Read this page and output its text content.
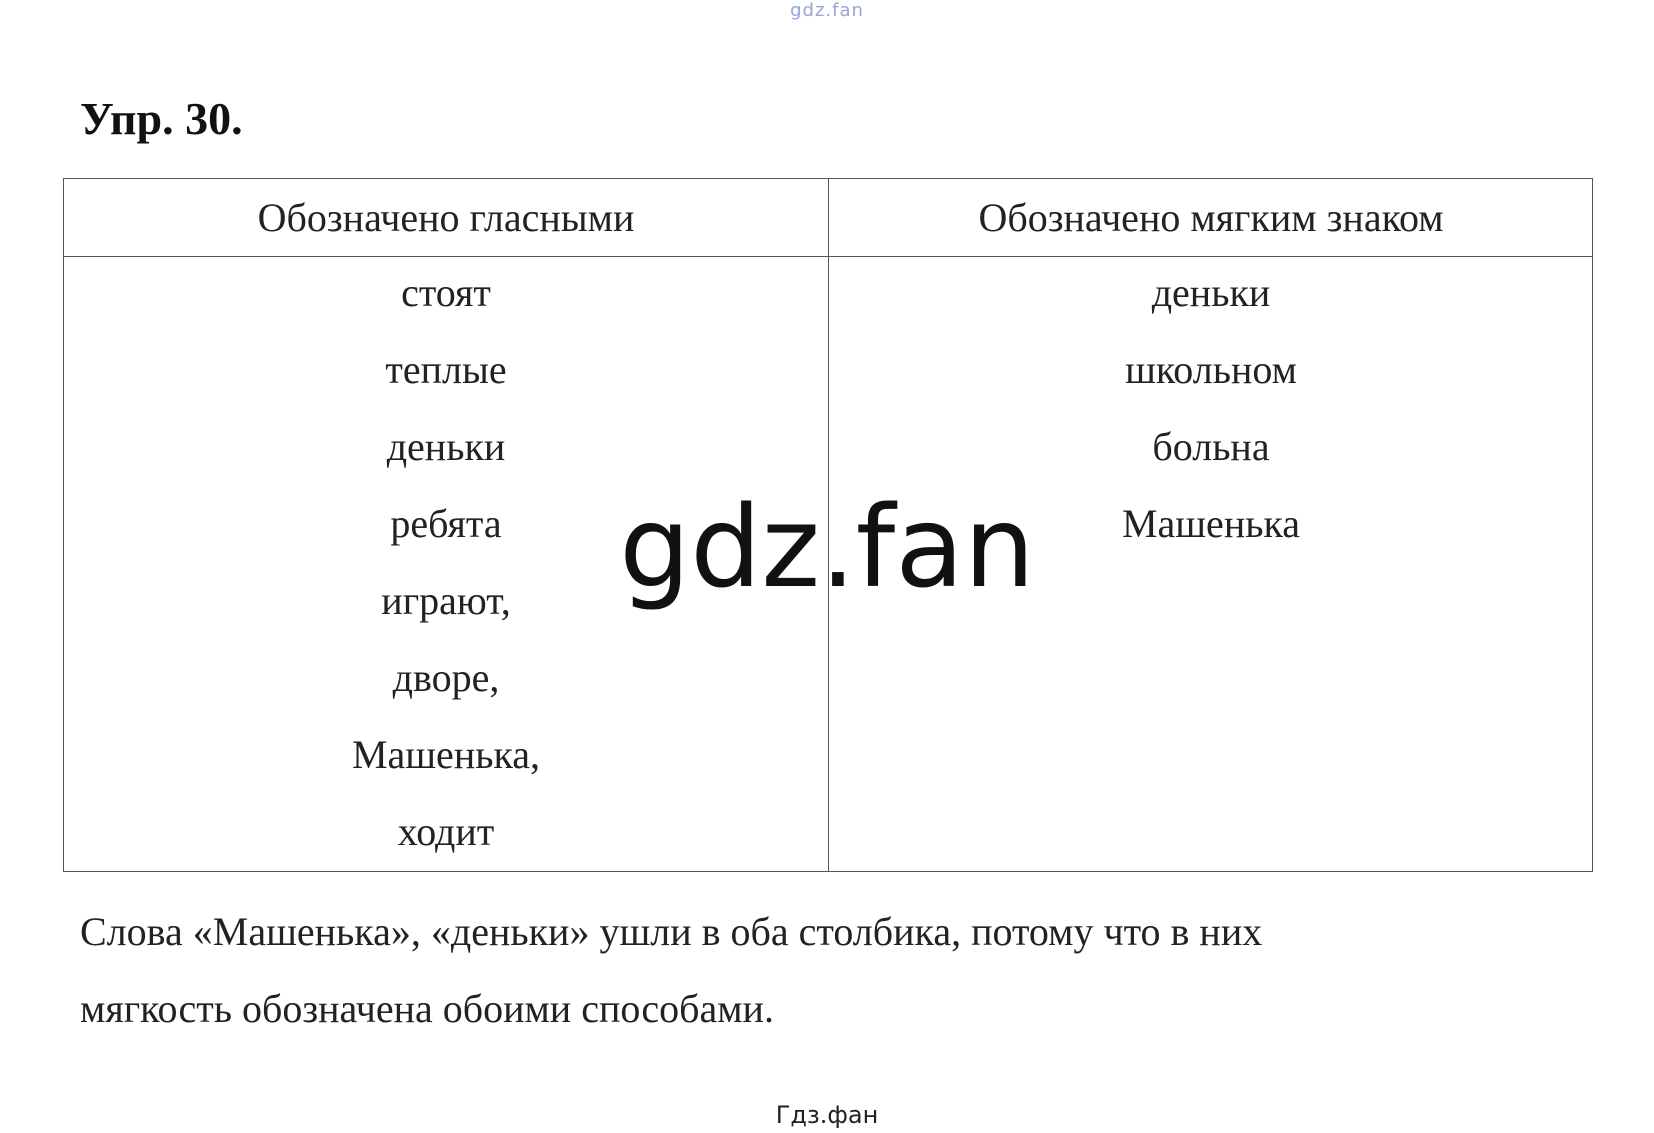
gdz.fan
Упр. 30.
Обозначено гласными	Обозначено мягким знаком
стоят
теплые
деньки
ребята
играют,
дворе,
Машенька,
ходит
деньки
школьном
больна
Машенька
Слова «Машенька», «деньки» ушли в оба столбика, потому что в них
мягкость обозначена обоими способами.
gdz.fan
Гдз.фан
